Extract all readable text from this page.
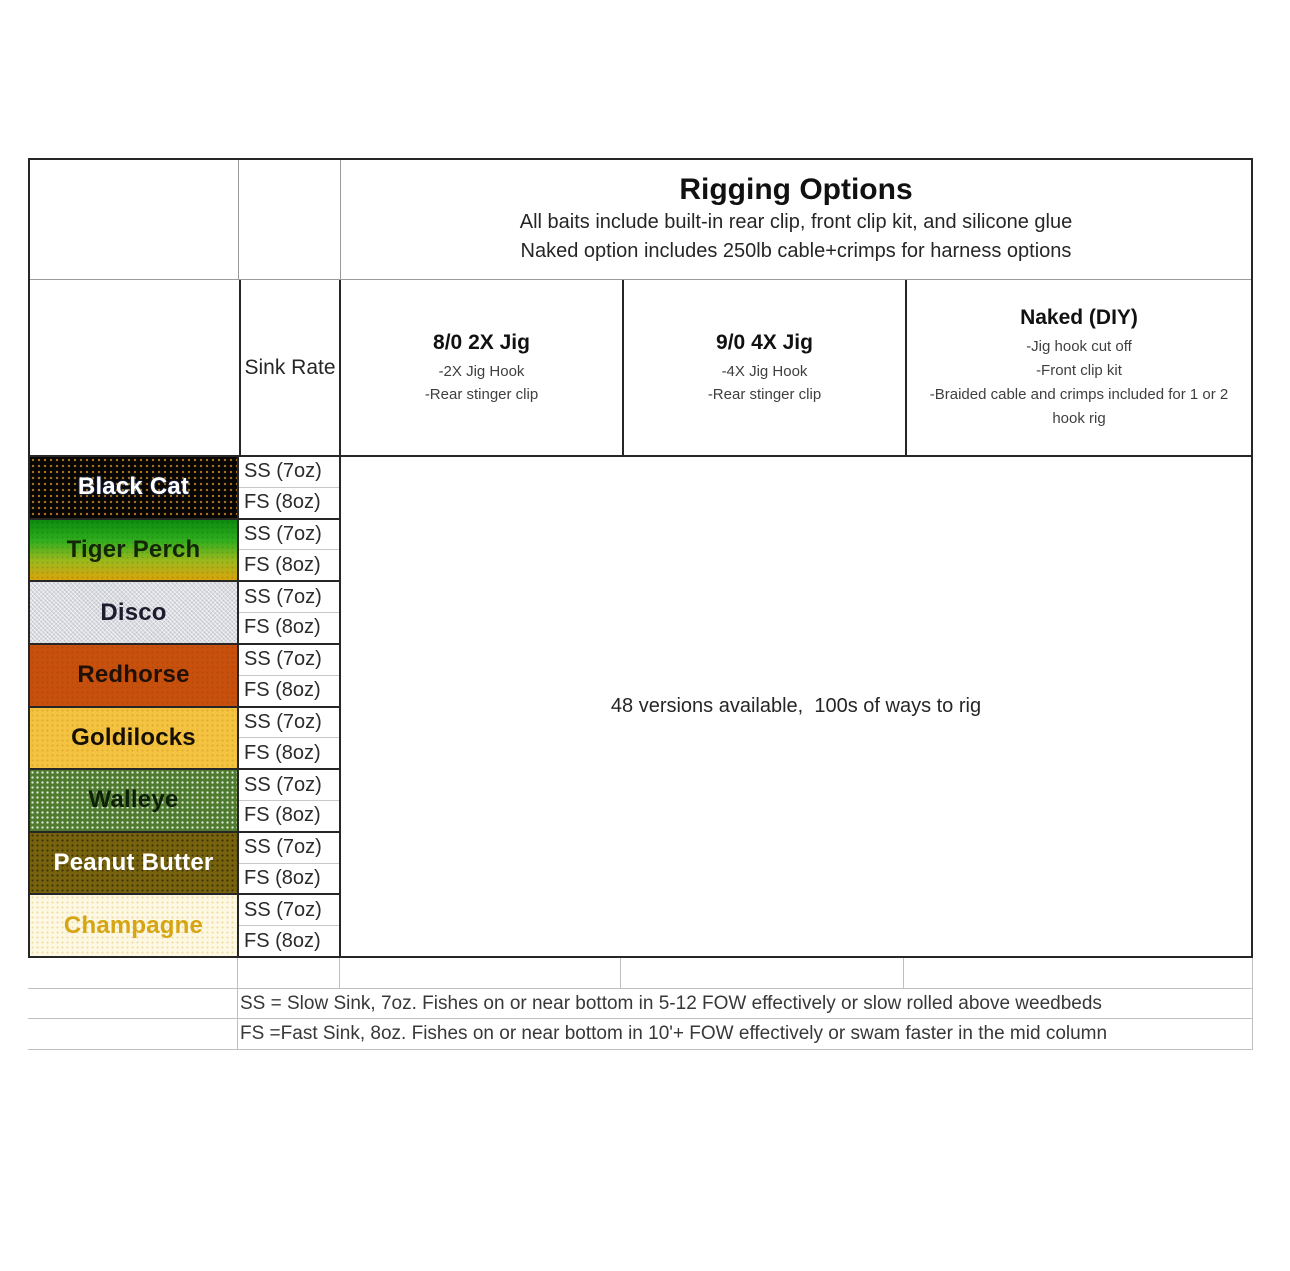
Rigging Options
All baits include built-in rear clip, front clip kit, and silicone glue
Naked option includes 250lb cable+crimps for harness options
Sink Rate
8/0 2X Jig
-2X Jig Hook
-Rear stinger clip
9/0 4X Jig
-4X Jig Hook
-Rear stinger clip
Naked (DIY)
-Jig hook cut off
-Front clip kit
-Braided cable and crimps included for 1 or 2 hook rig
Black Cat
SS (7oz)
FS (8oz)
Tiger Perch
SS (7oz)
FS (8oz)
Disco
SS (7oz)
FS (8oz)
Redhorse
SS (7oz)
FS (8oz)
Goldilocks
SS (7oz)
FS (8oz)
Walleye
SS (7oz)
FS (8oz)
Peanut Butter
SS (7oz)
FS (8oz)
Champagne
SS (7oz)
FS (8oz)
48 versions available,  100s of ways to rig
SS = Slow Sink, 7oz. Fishes on or near bottom in 5-12 FOW effectively or slow rolled above weedbeds
FS =Fast Sink, 8oz. Fishes on or near bottom in 10'+ FOW effectively or swam faster in the mid column
